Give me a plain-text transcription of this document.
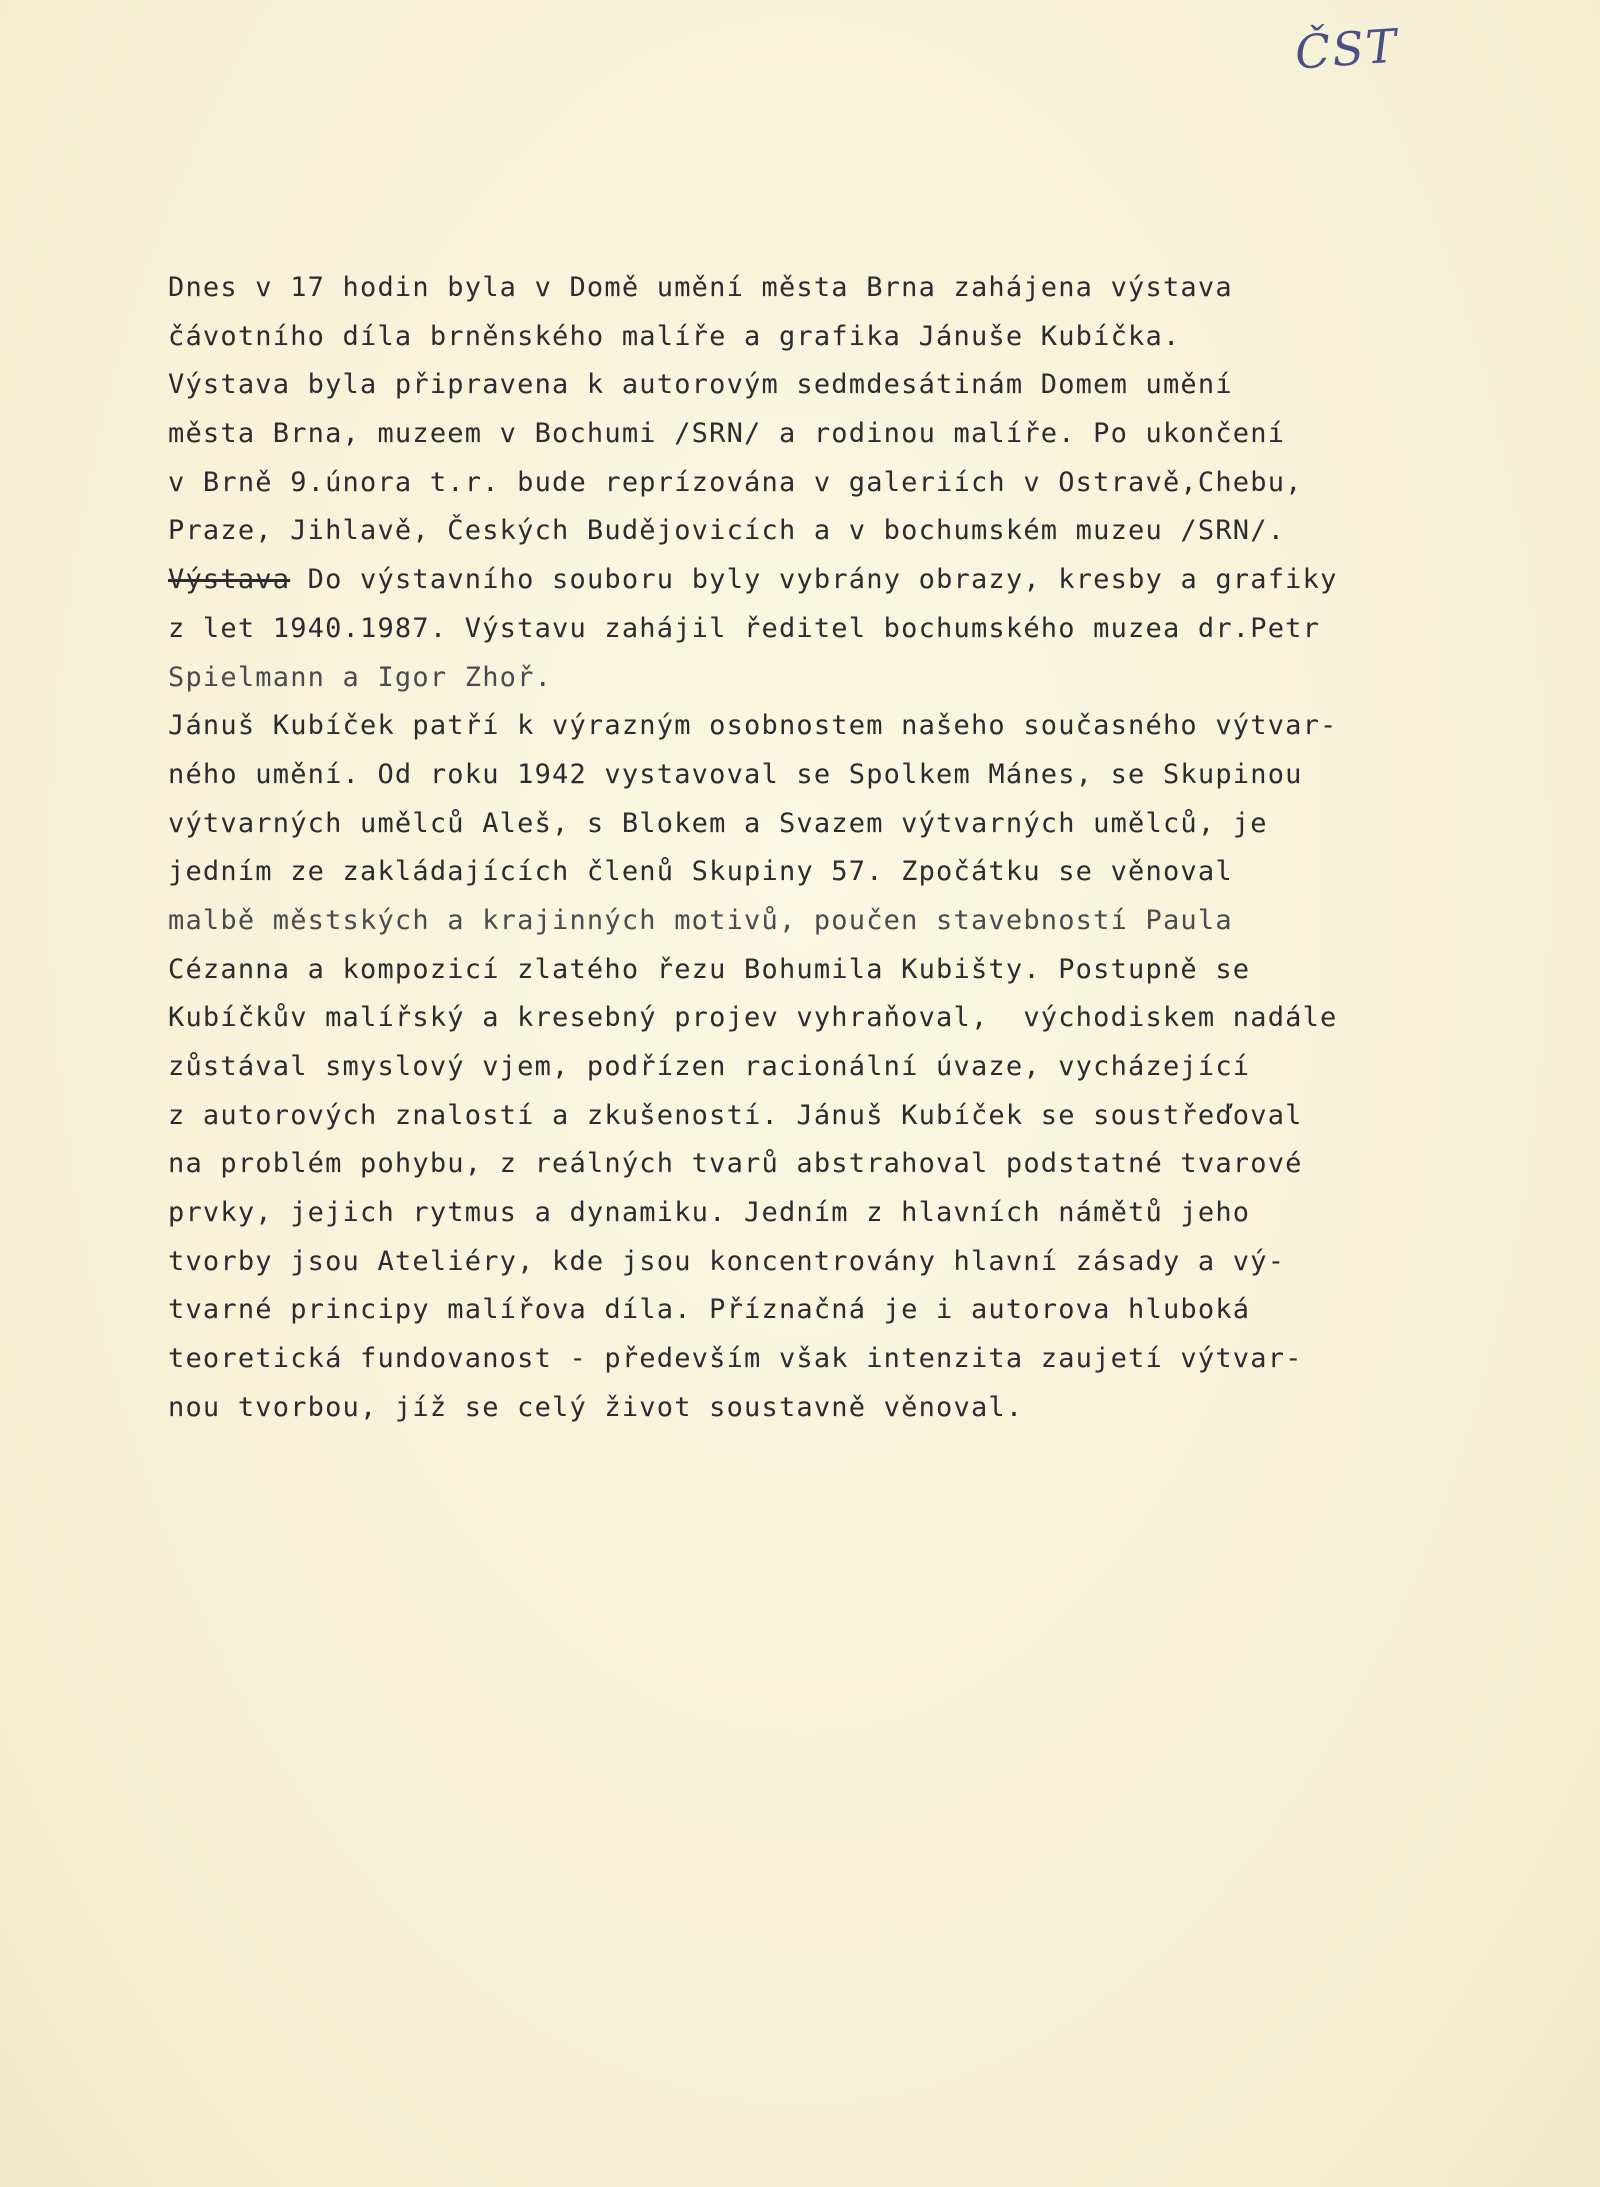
ČST
Dnes v 17 hodin byla v Domě umění města Brna zahájena výstava
čávotního díla brněnského malíře a grafika Jánuše Kubíčka.
Výstava byla připravena k autorovým sedmdesátinám Domem umění
města Brna, muzeem v Bochumi /SRN/ a rodinou malíře. Po ukončení
v Brně 9.února t.r. bude reprízována v galeriích v Ostravě,Chebu,
Praze, Jihlavě, Českých Budějovicích a v bochumském muzeu /SRN/.
Výstava Do výstavního souboru byly vybrány obrazy, kresby a grafiky
z let 1940.1987. Výstavu zahájil ředitel bochumského muzea dr.Petr
Spielmann a Igor Zhoř.
Jánuš Kubíček patří k výrazným osobnostem našeho současného výtvar-
ného umění. Od roku 1942 vystavoval se Spolkem Mánes, se Skupinou
výtvarných umělců Aleš, s Blokem a Svazem výtvarných umělců, je
jedním ze zakládajících členů Skupiny 57. Zpočátku se věnoval
malbě městských a krajinných motivů, poučen stavebností Paula
Cézanna a kompozicí zlatého řezu Bohumila Kubišty. Postupně se
Kubíčkův malířský a kresebný projev vyhraňoval,  východiskem nadále
zůstával smyslový vjem, podřízen racionální úvaze, vycházející
z autorových znalostí a zkušeností. Jánuš Kubíček se soustřeďoval
na problém pohybu, z reálných tvarů abstrahoval podstatné tvarové
prvky, jejich rytmus a dynamiku. Jedním z hlavních námětů jeho
tvorby jsou Ateliéry, kde jsou koncentrovány hlavní zásady a vý-
tvarné principy malířova díla. Příznačná je i autorova hluboká
teoretická fundovanost - především však intenzita zaujetí výtvar-
nou tvorbou, jíž se celý život soustavně věnoval.
